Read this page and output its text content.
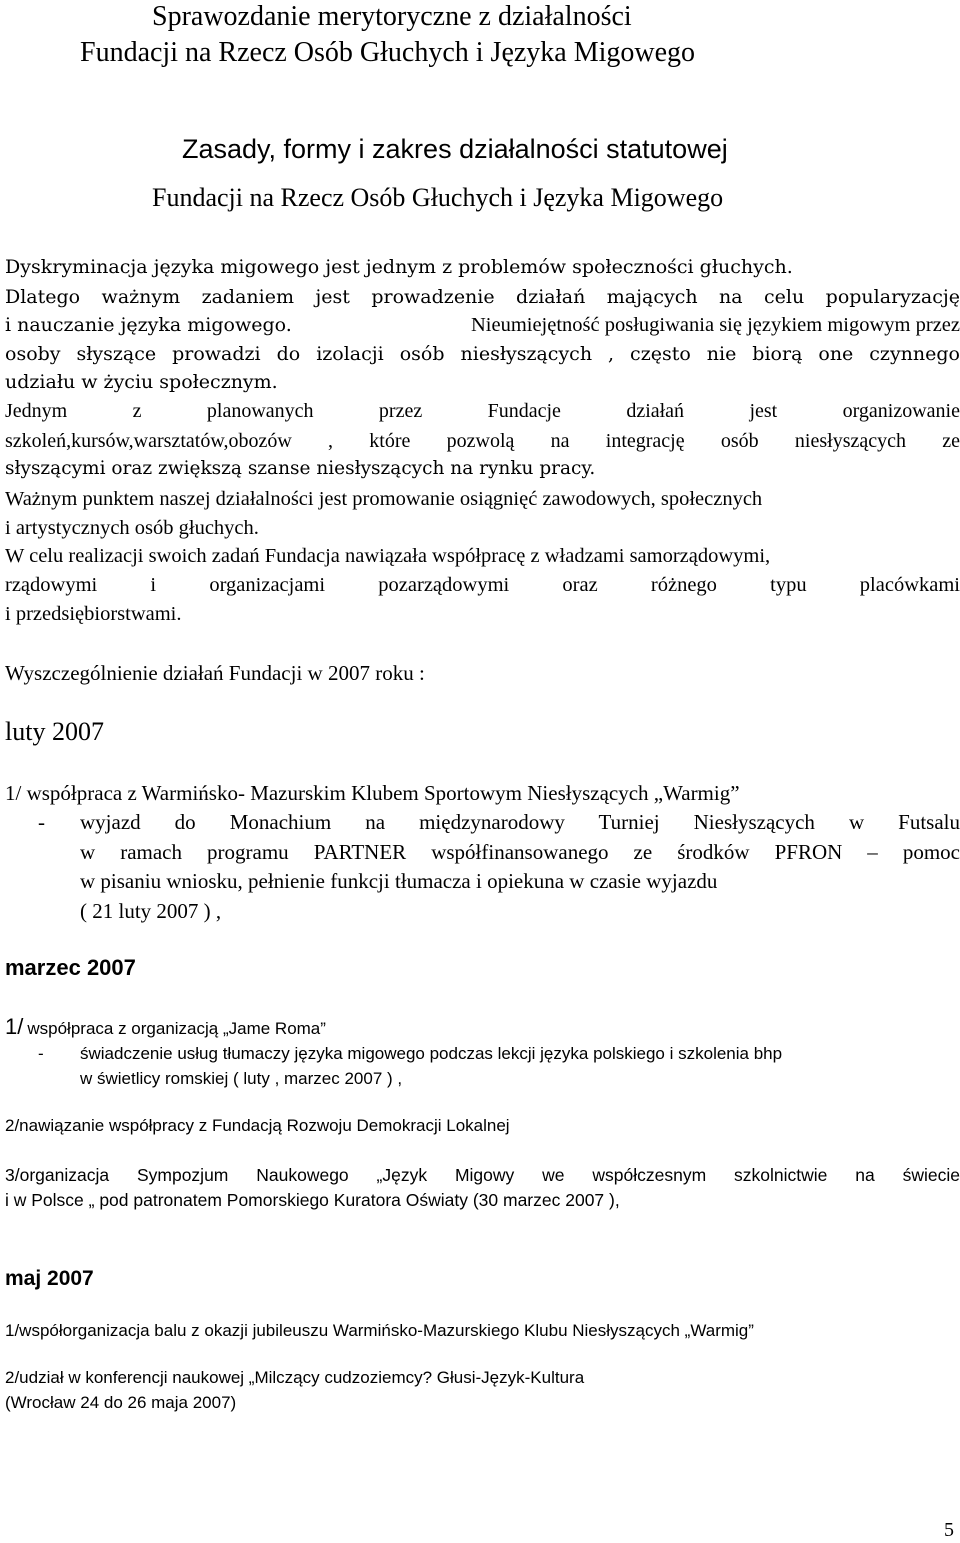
Sprawozdanie merytoryczne z działalności
Fundacji na Rzecz Osób Głuchych i Języka Migowego
Zasady, formy i zakres działalności statutowej
Fundacji na Rzecz Osób Głuchych i Języka Migowego
Dyskryminacja języka migowego jest jednym z problemów społeczności głuchych.
Dlatego ważnym zadaniem jest prowadzenie działań mających na celu popularyzację
i nauczanie języka migowego.	Nieumiejętność posługiwania się językiem migowym przez
osoby słyszące prowadzi do izolacji osób niesłyszących , często nie biorą one czynnego
udziału w życiu społecznym.
Jednym z planowanych przez Fundacje działań jest organizowanie
szkoleń,kursów,warsztatów,obozów , które pozwolą na integrację osób niesłyszących ze
słyszącymi oraz zwiększą szanse niesłyszących na rynku pracy.
Ważnym punktem naszej działalności jest promowanie osiągnięć zawodowych, społecznych
i artystycznych osób głuchych.
W celu realizacji swoich zadań Fundacja nawiązała współpracę z władzami samorządowymi,
rządowymi i organizacjami pozarządowymi oraz różnego typu placówkami
i przedsiębiorstwami.
Wyszczególnienie działań Fundacji w 2007 roku :
luty 2007
1/ współpraca z Warmińsko- Mazurskim Klubem Sportowym Niesłyszących „Warmig”
- wyjazd do Monachium na międzynarodowy Turniej Niesłyszących w Futsalu
w ramach programu PARTNER współfinansowanego ze środków PFRON – pomoc
w pisaniu wniosku, pełnienie funkcji tłumacza i opiekuna w czasie wyjazdu
( 21 luty 2007 ) ,
marzec 2007
1/ współpraca z organizacją „Jame Roma”
- świadczenie usług tłumaczy języka migowego podczas lekcji języka polskiego i szkolenia bhp
w świetlicy romskiej ( luty , marzec 2007 ) ,
2/nawiązanie współpracy z Fundacją Rozwoju Demokracji Lokalnej
3/organizacja Sympozjum Naukowego „Język Migowy we współczesnym szkolnictwie na świecie
i w Polsce „ pod patronatem Pomorskiego Kuratora Oświaty (30 marzec 2007 ),
maj 2007
1/współorganizacja balu z okazji jubileuszu Warmińsko-Mazurskiego Klubu Niesłyszących „Warmig”
2/udział w konferencji naukowej „Milczący cudzoziemcy? Głusi-Język-Kultura
(Wrocław 24 do 26 maja 2007)
5
